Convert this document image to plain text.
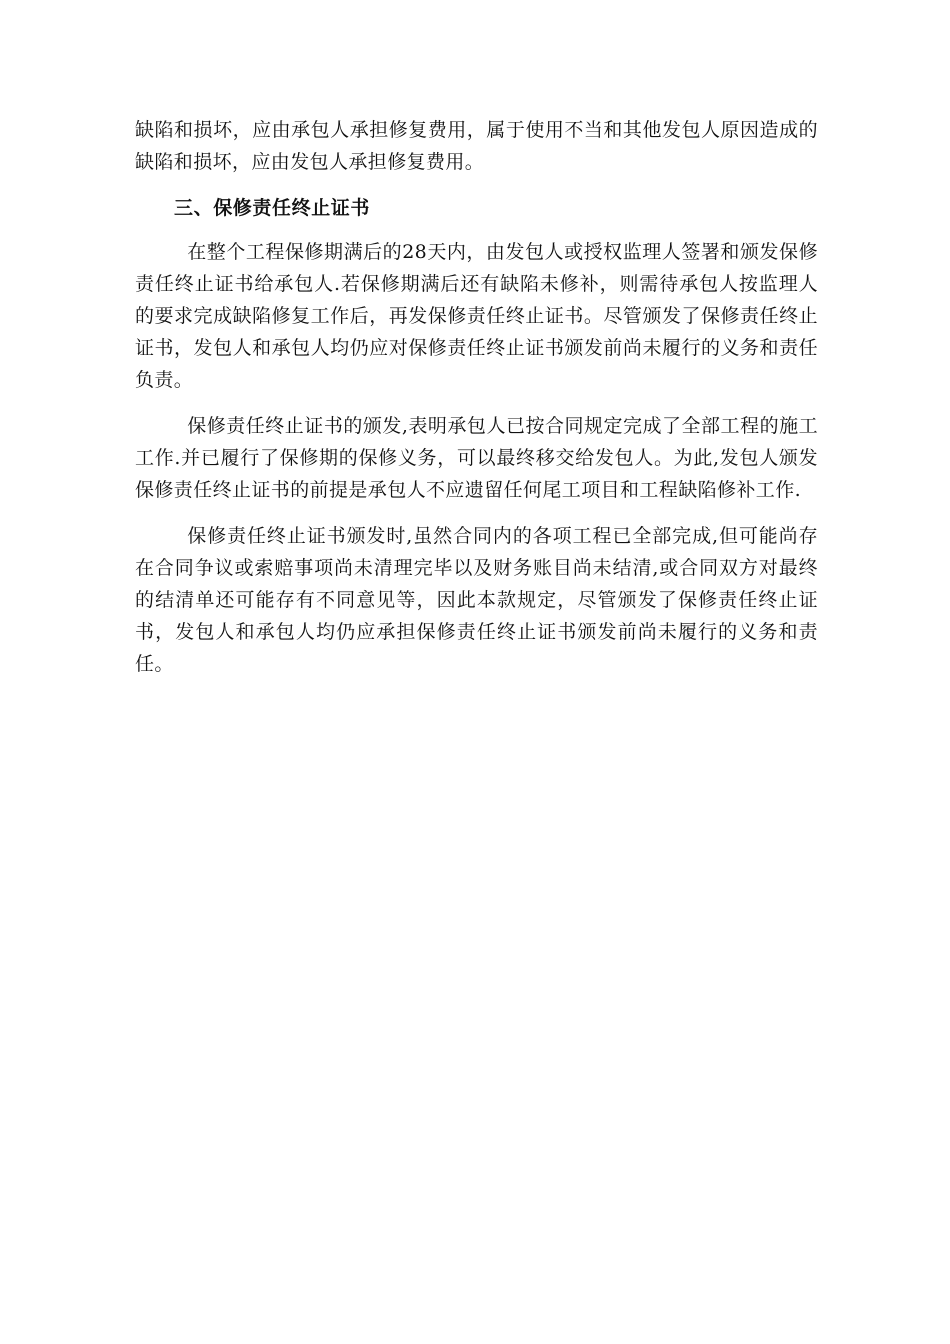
缺陷和损坏，应由承包人承担修复费用，属于使用不当和其他发包人原因造成的缺陷和损坏，应由发包人承担修复费用。

三、保修责任终止证书

在整个工程保修期满后的28天内，由发包人或授权监理人签署和颁发保修责任终止证书给承包人.若保修期满后还有缺陷未修补，则需待承包人按监理人的要求完成缺陷修复工作后，再发保修责任终止证书。尽管颁发了保修责任终止证书，发包人和承包人均仍应对保修责任终止证书颁发前尚未履行的义务和责任负责。

保修责任终止证书的颁发,表明承包人已按合同规定完成了全部工程的施工工作.并已履行了保修期的保修义务，可以最终移交给发包人。为此,发包人颁发保修责任终止证书的前提是承包人不应遗留任何尾工项目和工程缺陷修补工作.

保修责任终止证书颁发时,虽然合同内的各项工程已全部完成,但可能尚存在合同争议或索赔事项尚未清理完毕以及财务账目尚未结清,或合同双方对最终的结清单还可能存有不同意见等，因此本款规定，尽管颁发了保修责任终止证书，发包人和承包人均仍应承担保修责任终止证书颁发前尚未履行的义务和责任。
